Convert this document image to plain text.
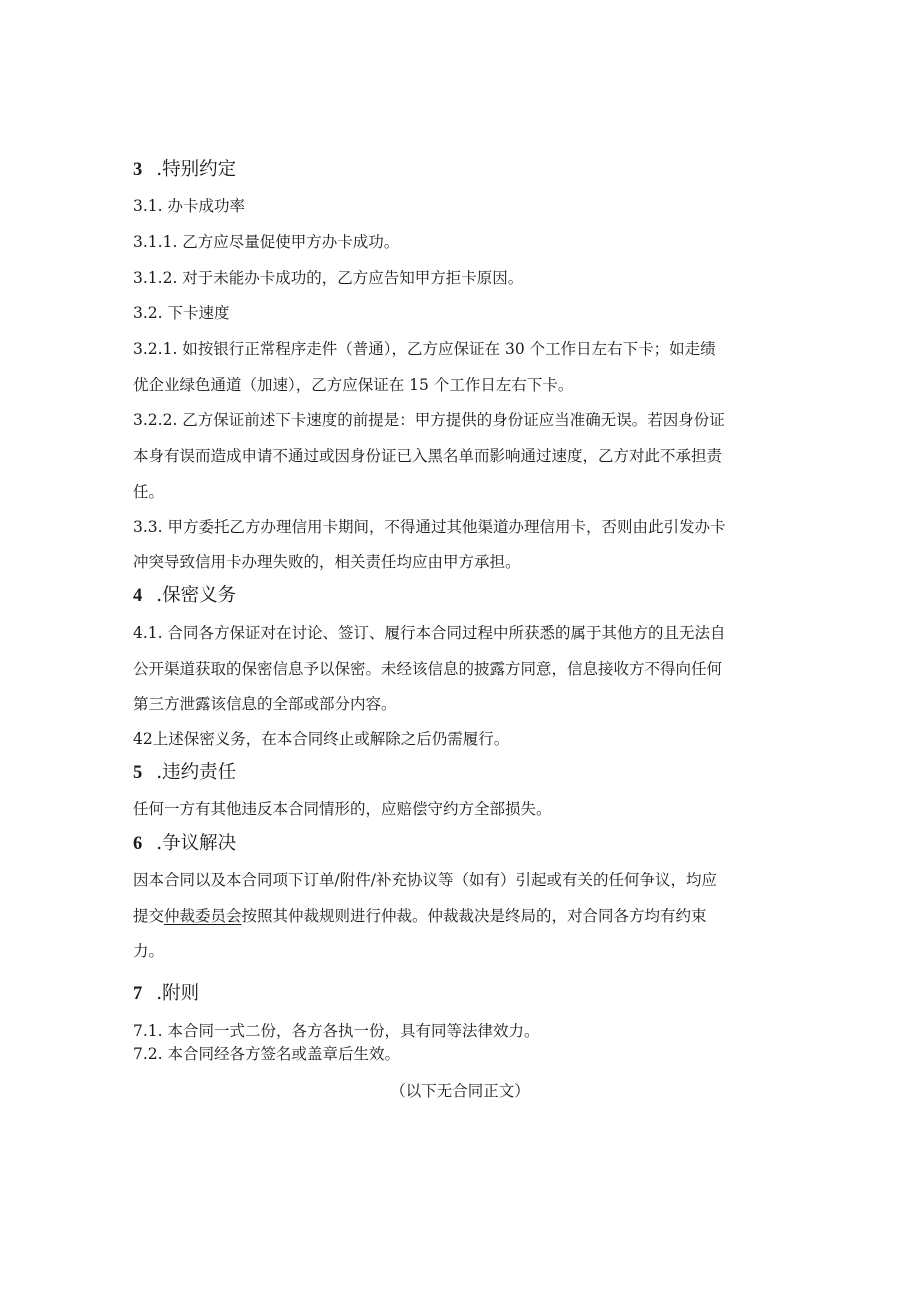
3 .特别约定
3.1. 办卡成功率
3.1.1. 乙方应尽量促使甲方办卡成功。
3.1.2. 对于未能办卡成功的，乙方应告知甲方拒卡原因。
3.2. 下卡速度
3.2.1. 如按银行正常程序走件（普通），乙方应保证在 30 个工作日左右下卡；如走绩
优企业绿色通道（加速），乙方应保证在 15 个工作日左右下卡。
3.2.2. 乙方保证前述下卡速度的前提是：甲方提供的身份证应当准确无误。若因身份证
本身有误而造成申请不通过或因身份证已入黑名单而影响通过速度，乙方对此不承担责
任。
3.3. 甲方委托乙方办理信用卡期间，不得通过其他渠道办理信用卡，否则由此引发办卡
冲突导致信用卡办理失败的，相关责任均应由甲方承担。
4 .保密义务
4.1. 合同各方保证对在讨论、签订、履行本合同过程中所获悉的属于其他方的且无法自
公开渠道获取的保密信息予以保密。未经该信息的披露方同意，信息接收方不得向任何
第三方泄露该信息的全部或部分内容。
42上述保密义务，在本合同终止或解除之后仍需履行。
5 .违约责任
任何一方有其他违反本合同情形的，应赔偿守约方全部损失。
6 .争议解决
因本合同以及本合同项下订单/附件/补充协议等（如有）引起或有关的任何争议，均应
提交仲裁委员会按照其仲裁规则进行仲裁。仲裁裁决是终局的，对合同各方均有约束
力。
7 .附则
7.1. 本合同一式二份，各方各执一份，具有同等法律效力。
7.2. 本合同经各方签名或盖章后生效。
（以下无合同正文）
